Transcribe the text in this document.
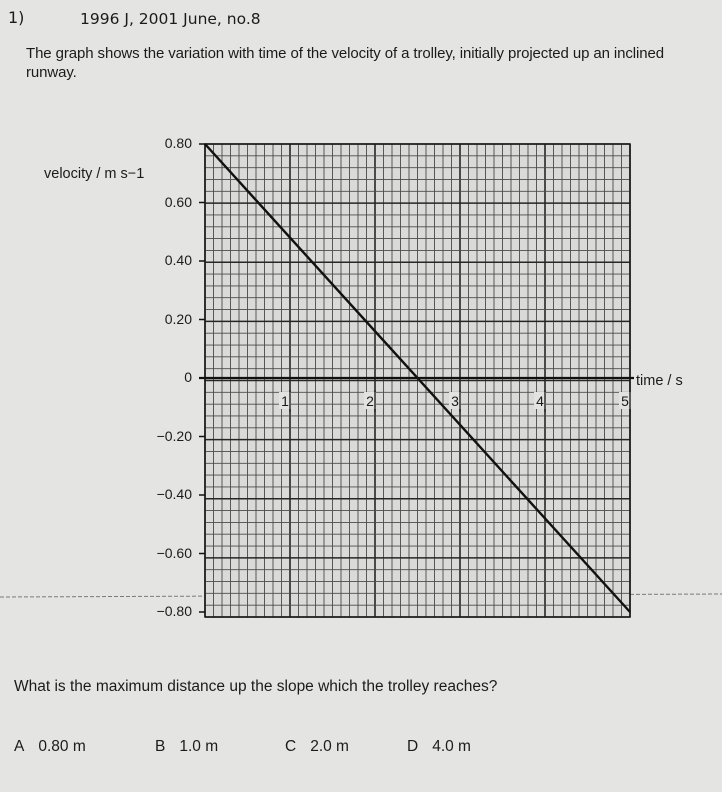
1)	1996 J, 2001 June, no.8
The graph shows the variation with time of the velocity of a trolley, initially projected up an inclined runway.
velocity / m s−1
time / s
1	2	3	4	5
0.80
0.60
0.40
0.20
0
−0.20
−0.40
−0.60
−0.80
What is the maximum distance up the slope which the trolley reaches?
A 0.80 m	B 1.0 m	C 2.0 m	D 4.0 m
